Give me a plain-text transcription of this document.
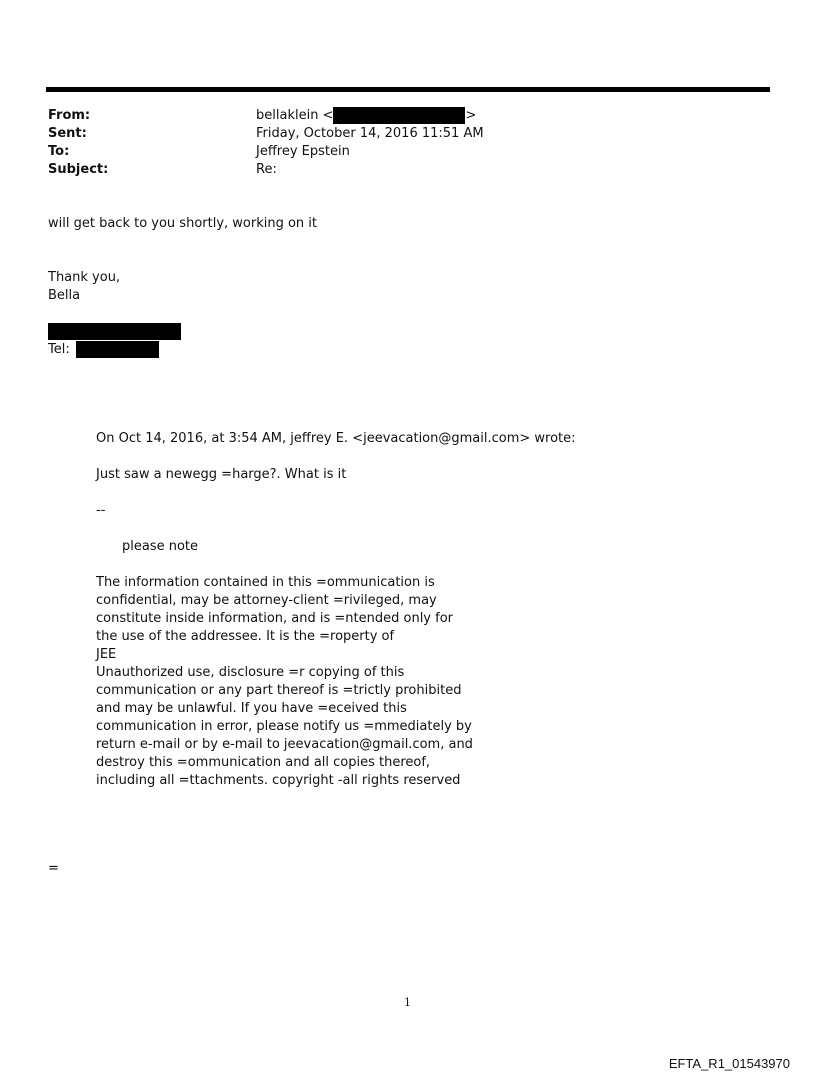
From:	bellaklein <	>
Sent:	Friday, October 14, 2016 11:51 AM
To:	Jeffrey Epstein
Subject:	Re:
will get back to you shortly, working on it
Thank you,
Bella
Tel:
On Oct 14, 2016, at 3:54 AM, jeffrey E. <jeevacation@gmail.com> wrote:
Just saw a newegg =harge?. What is it
--
please note
The information contained in this =ommunication is
confidential, may be attorney-client =rivileged, may
constitute inside information, and is =ntended only for
the use of the addressee. It is the =roperty of
JEE
Unauthorized use, disclosure =r copying of this
communication or any part thereof is =trictly prohibited
and may be unlawful. If you have =eceived this
communication in error, please notify us =mmediately by
return e-mail or by e-mail to jeevacation@gmail.com, and
destroy this =ommunication and all copies thereof,
including all =ttachments. copyright -all rights reserved
=
1
EFTA_R1_01543970
